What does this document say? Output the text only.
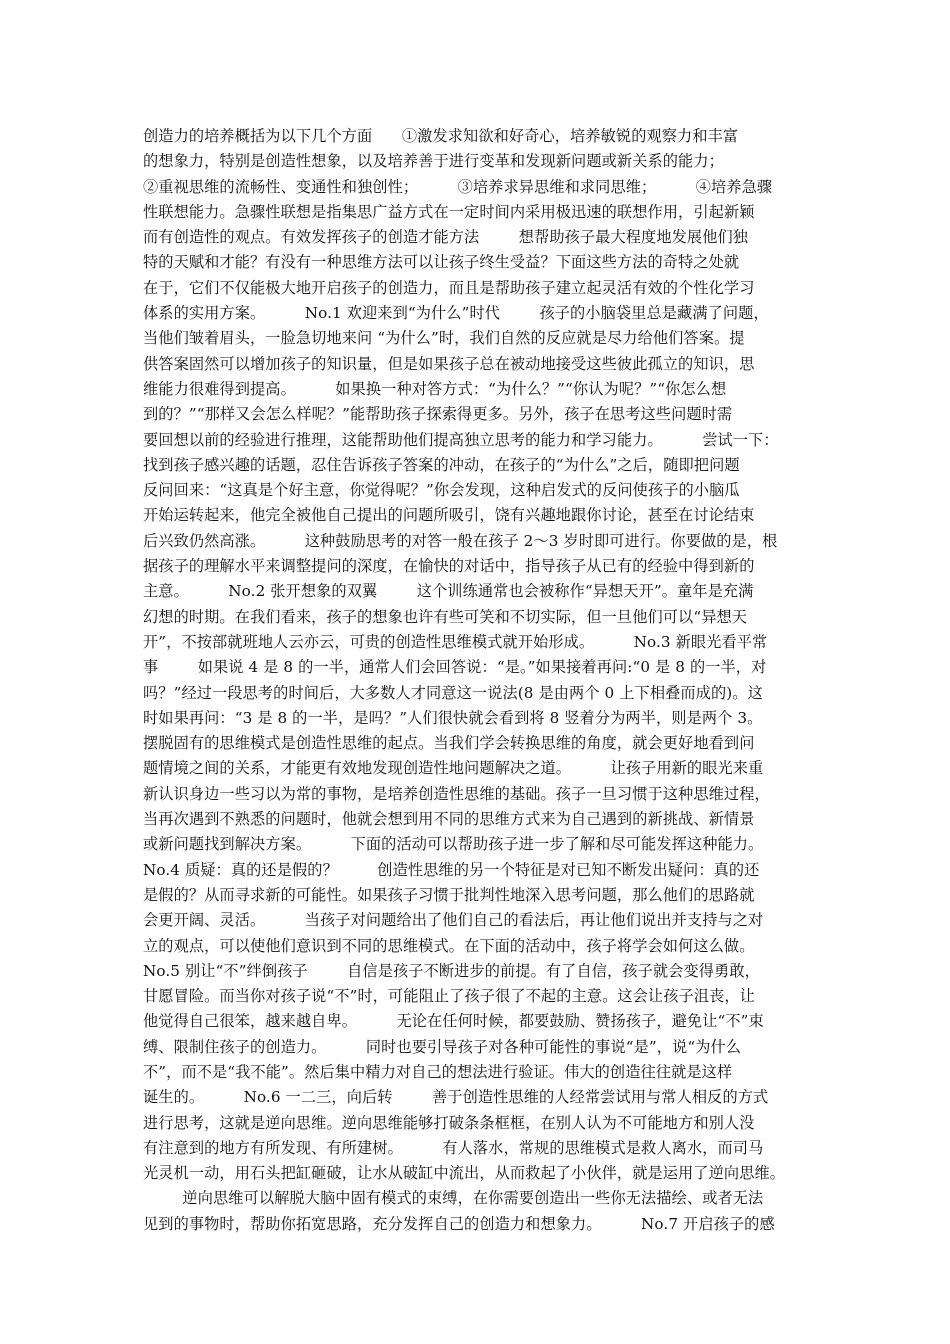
创造力的培养概括为以下几个方面      ①激发求知欲和好奇心，培养敏锐的观察力和丰富
的想象力，特别是创造性想象，以及培养善于进行变革和发现新问题或新关系的能力；
②重视思维的流畅性、变通性和独创性；        ③培养求异思维和求同思维；        ④培养急骤
性联想能力。急骤性联想是指集思广益方式在一定时间内采用极迅速的联想作用，引起新颖
而有创造性的观点。有效发挥孩子的创造才能方法        想帮助孩子最大程度地发展他们独
特的天赋和才能？有没有一种思维方法可以让孩子终生受益？下面这些方法的奇特之处就
在于，它们不仅能极大地开启孩子的创造力，而且是帮助孩子建立起灵活有效的个性化学习
体系的实用方案。        No.1 欢迎来到“为什么”时代        孩子的小脑袋里总是藏满了问题，
当他们皱着眉头，一脸急切地来问 “为什么”时，我们自然的反应就是尽力给他们答案。提
供答案固然可以增加孩子的知识量，但是如果孩子总在被动地接受这些彼此孤立的知识，思
维能力很难得到提高。        如果换一种对答方式：“为什么？”“你认为呢？”“你怎么想
到的？”“那样又会怎么样呢？”能帮助孩子探索得更多。另外，孩子在思考这些问题时需
要回想以前的经验进行推理，这能帮助他们提高独立思考的能力和学习能力。        尝试一下：
找到孩子感兴趣的话题，忍住告诉孩子答案的冲动，在孩子的“为什么”之后，随即把问题
反问回来：“这真是个好主意，你觉得呢？”你会发现，这种启发式的反问使孩子的小脑瓜
开始运转起来，他完全被他自己提出的问题所吸引，饶有兴趣地跟你讨论，甚至在讨论结束
后兴致仍然高涨。        这种鼓励思考的对答一般在孩子 2～3 岁时即可进行。你要做的是，根
据孩子的理解水平来调整提问的深度，在愉快的对话中，指导孩子从已有的经验中得到新的
主意。        No.2 张开想象的双翼        这个训练通常也会被称作“异想天开”。童年是充满
幻想的时期。在我们看来，孩子的想象也许有些可笑和不切实际，但一旦他们可以“异想天
开”，不按部就班地人云亦云，可贵的创造性思维模式就开始形成。        No.3 新眼光看平常
事        如果说 4 是 8 的一半，通常人们会回答说：“是。”如果接着再问:“0 是 8 的一半，对
吗？”经过一段思考的时间后，大多数人才同意这一说法(8 是由两个 0 上下相叠而成的)。这
时如果再问：“3 是 8 的一半，是吗？”人们很快就会看到将 8 竖着分为两半，则是两个 3。
摆脱固有的思维模式是创造性思维的起点。当我们学会转换思维的角度，就会更好地看到问
题情境之间的关系，才能更有效地发现创造性地问题解决之道。        让孩子用新的眼光来重
新认识身边一些习以为常的事物，是培养创造性思维的基础。孩子一旦习惯于这种思维过程，
当再次遇到不熟悉的问题时，他就会想到用不同的思维方式来为自己遇到的新挑战、新情景
或新问题找到解决方案。        下面的活动可以帮助孩子进一步了解和尽可能发挥这种能力。
No.4 质疑：真的还是假的？        创造性思维的另一个特征是对已知不断发出疑问：真的还
是假的？从而寻求新的可能性。如果孩子习惯于批判性地深入思考问题，那么他们的思路就
会更开阔、灵活。        当孩子对问题给出了他们自己的看法后，再让他们说出并支持与之对
立的观点，可以使他们意识到不同的思维模式。在下面的活动中，孩子将学会如何这么做。
No.5 别让“不”绊倒孩子        自信是孩子不断进步的前提。有了自信，孩子就会变得勇敢，
甘愿冒险。而当你对孩子说“不”时，可能阻止了孩子很了不起的主意。这会让孩子沮丧，让
他觉得自己很笨，越来越自卑。        无论在任何时候，都要鼓励、赞扬孩子，避免让“不”束
缚、限制住孩子的创造力。        同时也要引导孩子对各种可能性的事说“是”，说“为什么
不”，而不是“我不能”。然后集中精力对自己的想法进行验证。伟大的创造往往就是这样
诞生的。        No.6 一二三，向后转        善于创造性思维的人经常尝试用与常人相反的方式
进行思考，这就是逆向思维。逆向思维能够打破条条框框，在别人认为不可能地方和别人没
有注意到的地方有所发现、有所建树。        有人落水，常规的思维模式是救人离水，而司马
光灵机一动，用石头把缸砸破，让水从破缸中流出，从而救起了小伙伴，就是运用了逆向思维。
逆向思维可以解脱大脑中固有模式的束缚，在你需要创造出一些你无法描绘、或者无法
见到的事物时，帮助你拓宽思路，充分发挥自己的创造力和想象力。        No.7 开启孩子的感
